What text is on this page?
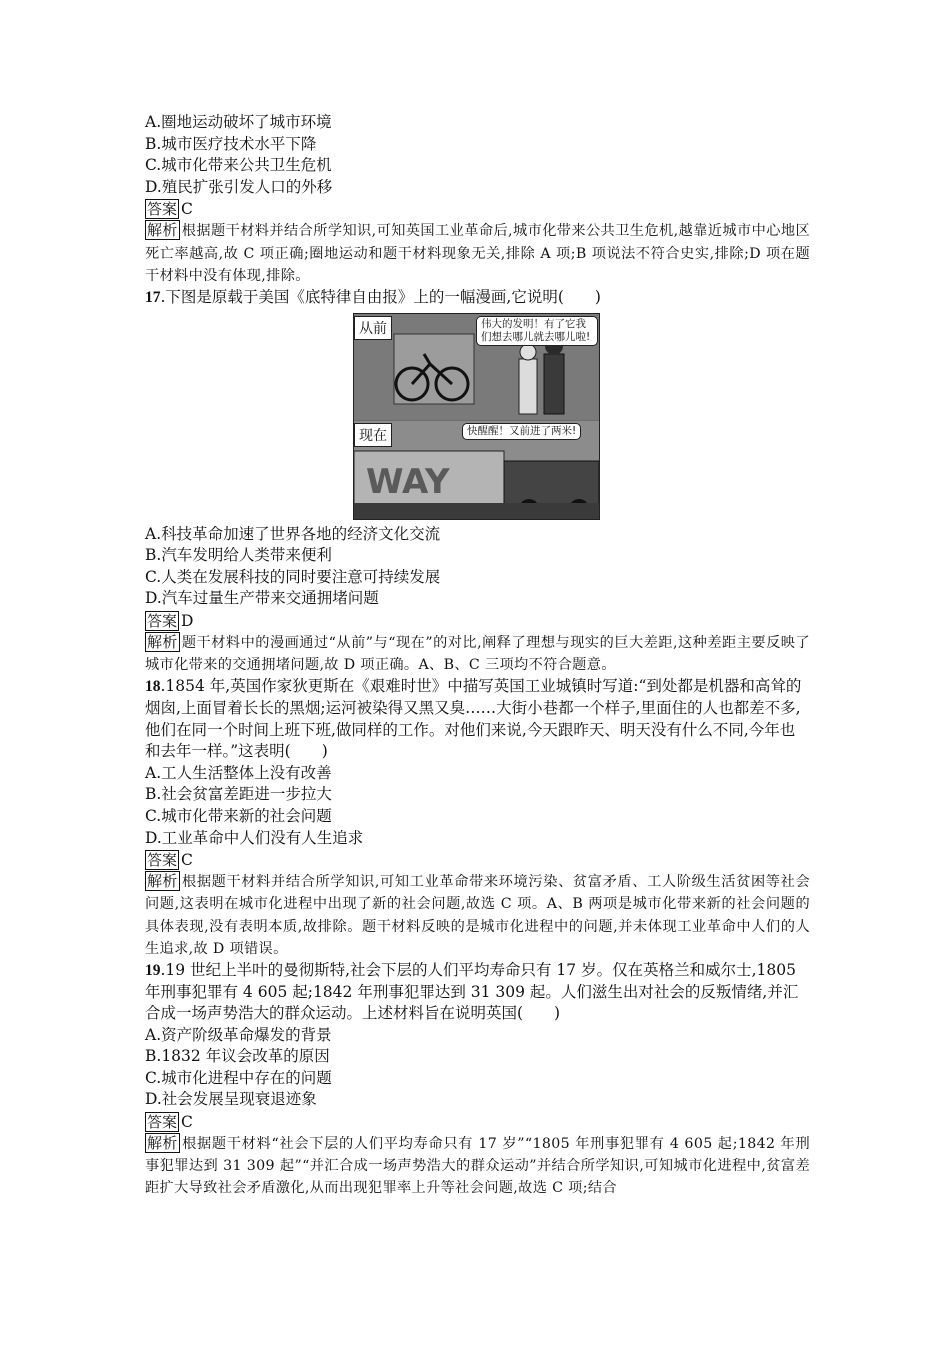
A.圈地运动破坏了城市环境
B.城市医疗技术水平下降
C.城市化带来公共卫生危机
D.殖民扩张引发人口的外移
答案 C
解析 根据题干材料并结合所学知识,可知英国工业革命后,城市化带来公共卫生危机,越靠近城市中心地区死亡率越高,故 C 项正确;圈地运动和题干材料现象无关,排除 A 项;B 项说法不符合史实,排除;D 项在题干材料中没有体现,排除。
17.下图是原载于美国《底特律自由报》上的一幅漫画,它说明(　　)
从前	伟大的发明！有了它我们想去哪儿就去哪儿啦!
WAY
现在	快醒醒！又前进了两米!
A.科技革命加速了世界各地的经济文化交流
B.汽车发明给人类带来便利
C.人类在发展科技的同时要注意可持续发展
D.汽车过量生产带来交通拥堵问题
答案 D
解析 题干材料中的漫画通过“从前”与“现在”的对比,阐释了理想与现实的巨大差距,这种差距主要反映了城市化带来的交通拥堵问题,故 D 项正确。A、B、C 三项均不符合题意。
18.1854 年,英国作家狄更斯在《艰难时世》中描写英国工业城镇时写道:“到处都是机器和高耸的烟囱,上面冒着长长的黑烟;运河被染得又黑又臭……大街小巷都一个样子,里面住的人也都差不多,他们在同一个时间上班下班,做同样的工作。对他们来说,今天跟昨天、明天没有什么不同,今年也和去年一样。”这表明(　　)
A.工人生活整体上没有改善
B.社会贫富差距进一步拉大
C.城市化带来新的社会问题
D.工业革命中人们没有人生追求
答案 C
解析 根据题干材料并结合所学知识,可知工业革命带来环境污染、贫富矛盾、工人阶级生活贫困等社会问题,这表明在城市化进程中出现了新的社会问题,故选 C 项。A、B 两项是城市化带来新的社会问题的具体表现,没有表明本质,故排除。题干材料反映的是城市化进程中的问题,并未体现工业革命中人们的人生追求,故 D 项错误。
19.19 世纪上半叶的曼彻斯特,社会下层的人们平均寿命只有 17 岁。仅在英格兰和威尔士,1805 年刑事犯罪有 4 605 起;1842 年刑事犯罪达到 31 309 起。人们滋生出对社会的反叛情绪,并汇合成一场声势浩大的群众运动。上述材料旨在说明英国(　　)
A.资产阶级革命爆发的背景
B.1832 年议会改革的原因
C.城市化进程中存在的问题
D.社会发展呈现衰退迹象
答案 C
解析 根据题干材料“社会下层的人们平均寿命只有 17 岁”“1805 年刑事犯罪有 4 605 起;1842 年刑事犯罪达到 31 309 起”“并汇合成一场声势浩大的群众运动”并结合所学知识,可知城市化进程中,贫富差距扩大导致社会矛盾激化,从而出现犯罪率上升等社会问题,故选 C 项;结合
